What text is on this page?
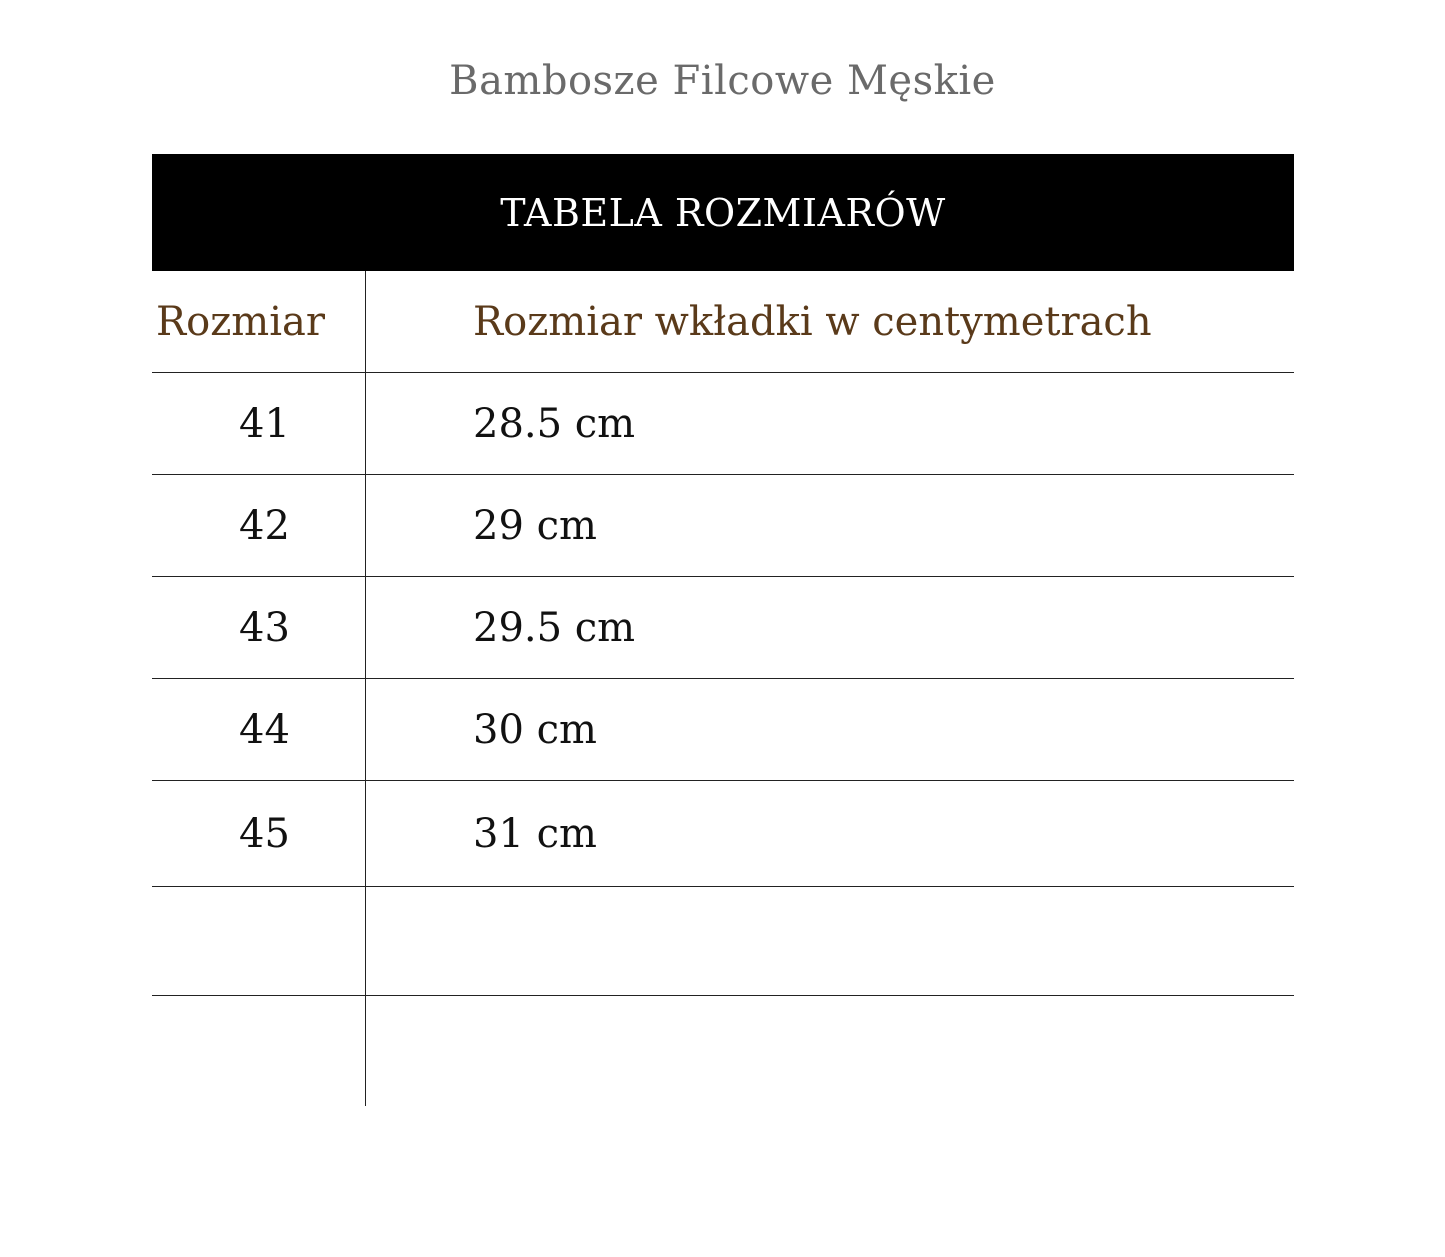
Bambosze Filcowe Męskie
TABELA ROZMIARÓW
Rozmiar	Rozmiar wkładki w centymetrach
41	28.5 cm
42	29 cm
43	29.5 cm
44	30 cm
45	31 cm
